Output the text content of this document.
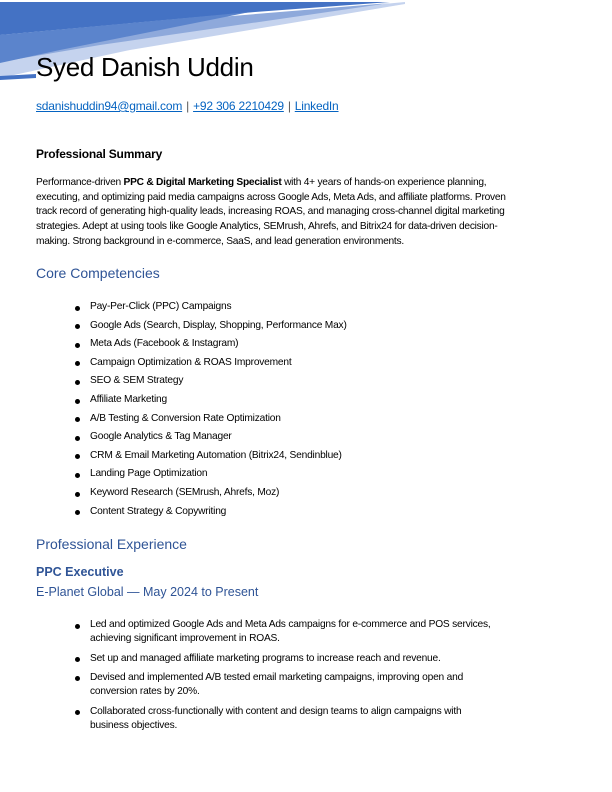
Syed Danish Uddin
sdanishuddin94@gmail.com | +92 306 2210429 | LinkedIn
Professional Summary
Performance-driven PPC & Digital Marketing Specialist with 4+ years of hands-on experience planning,
executing, and optimizing paid media campaigns across Google Ads, Meta Ads, and affiliate platforms. Proven
track record of generating high-quality leads, increasing ROAS, and managing cross-channel digital marketing
strategies. Adept at using tools like Google Analytics, SEMrush, Ahrefs, and Bitrix24 for data-driven decision-
making. Strong background in e-commerce, SaaS, and lead generation environments.
Core Competencies
Pay-Per-Click (PPC) Campaigns
Google Ads (Search, Display, Shopping, Performance Max)
Meta Ads (Facebook & Instagram)
Campaign Optimization & ROAS Improvement
SEO & SEM Strategy
Affiliate Marketing
A/B Testing & Conversion Rate Optimization
Google Analytics & Tag Manager
CRM & Email Marketing Automation (Bitrix24, Sendinblue)
Landing Page Optimization
Keyword Research (SEMrush, Ahrefs, Moz)
Content Strategy & Copywriting
Professional Experience
PPC Executive
E-Planet Global — May 2024 to Present
Led and optimized Google Ads and Meta Ads campaigns for e-commerce and POS services,
achieving significant improvement in ROAS.
Set up and managed affiliate marketing programs to increase reach and revenue.
Devised and implemented A/B tested email marketing campaigns, improving open and
conversion rates by 20%.
Collaborated cross-functionally with content and design teams to align campaigns with
business objectives.
